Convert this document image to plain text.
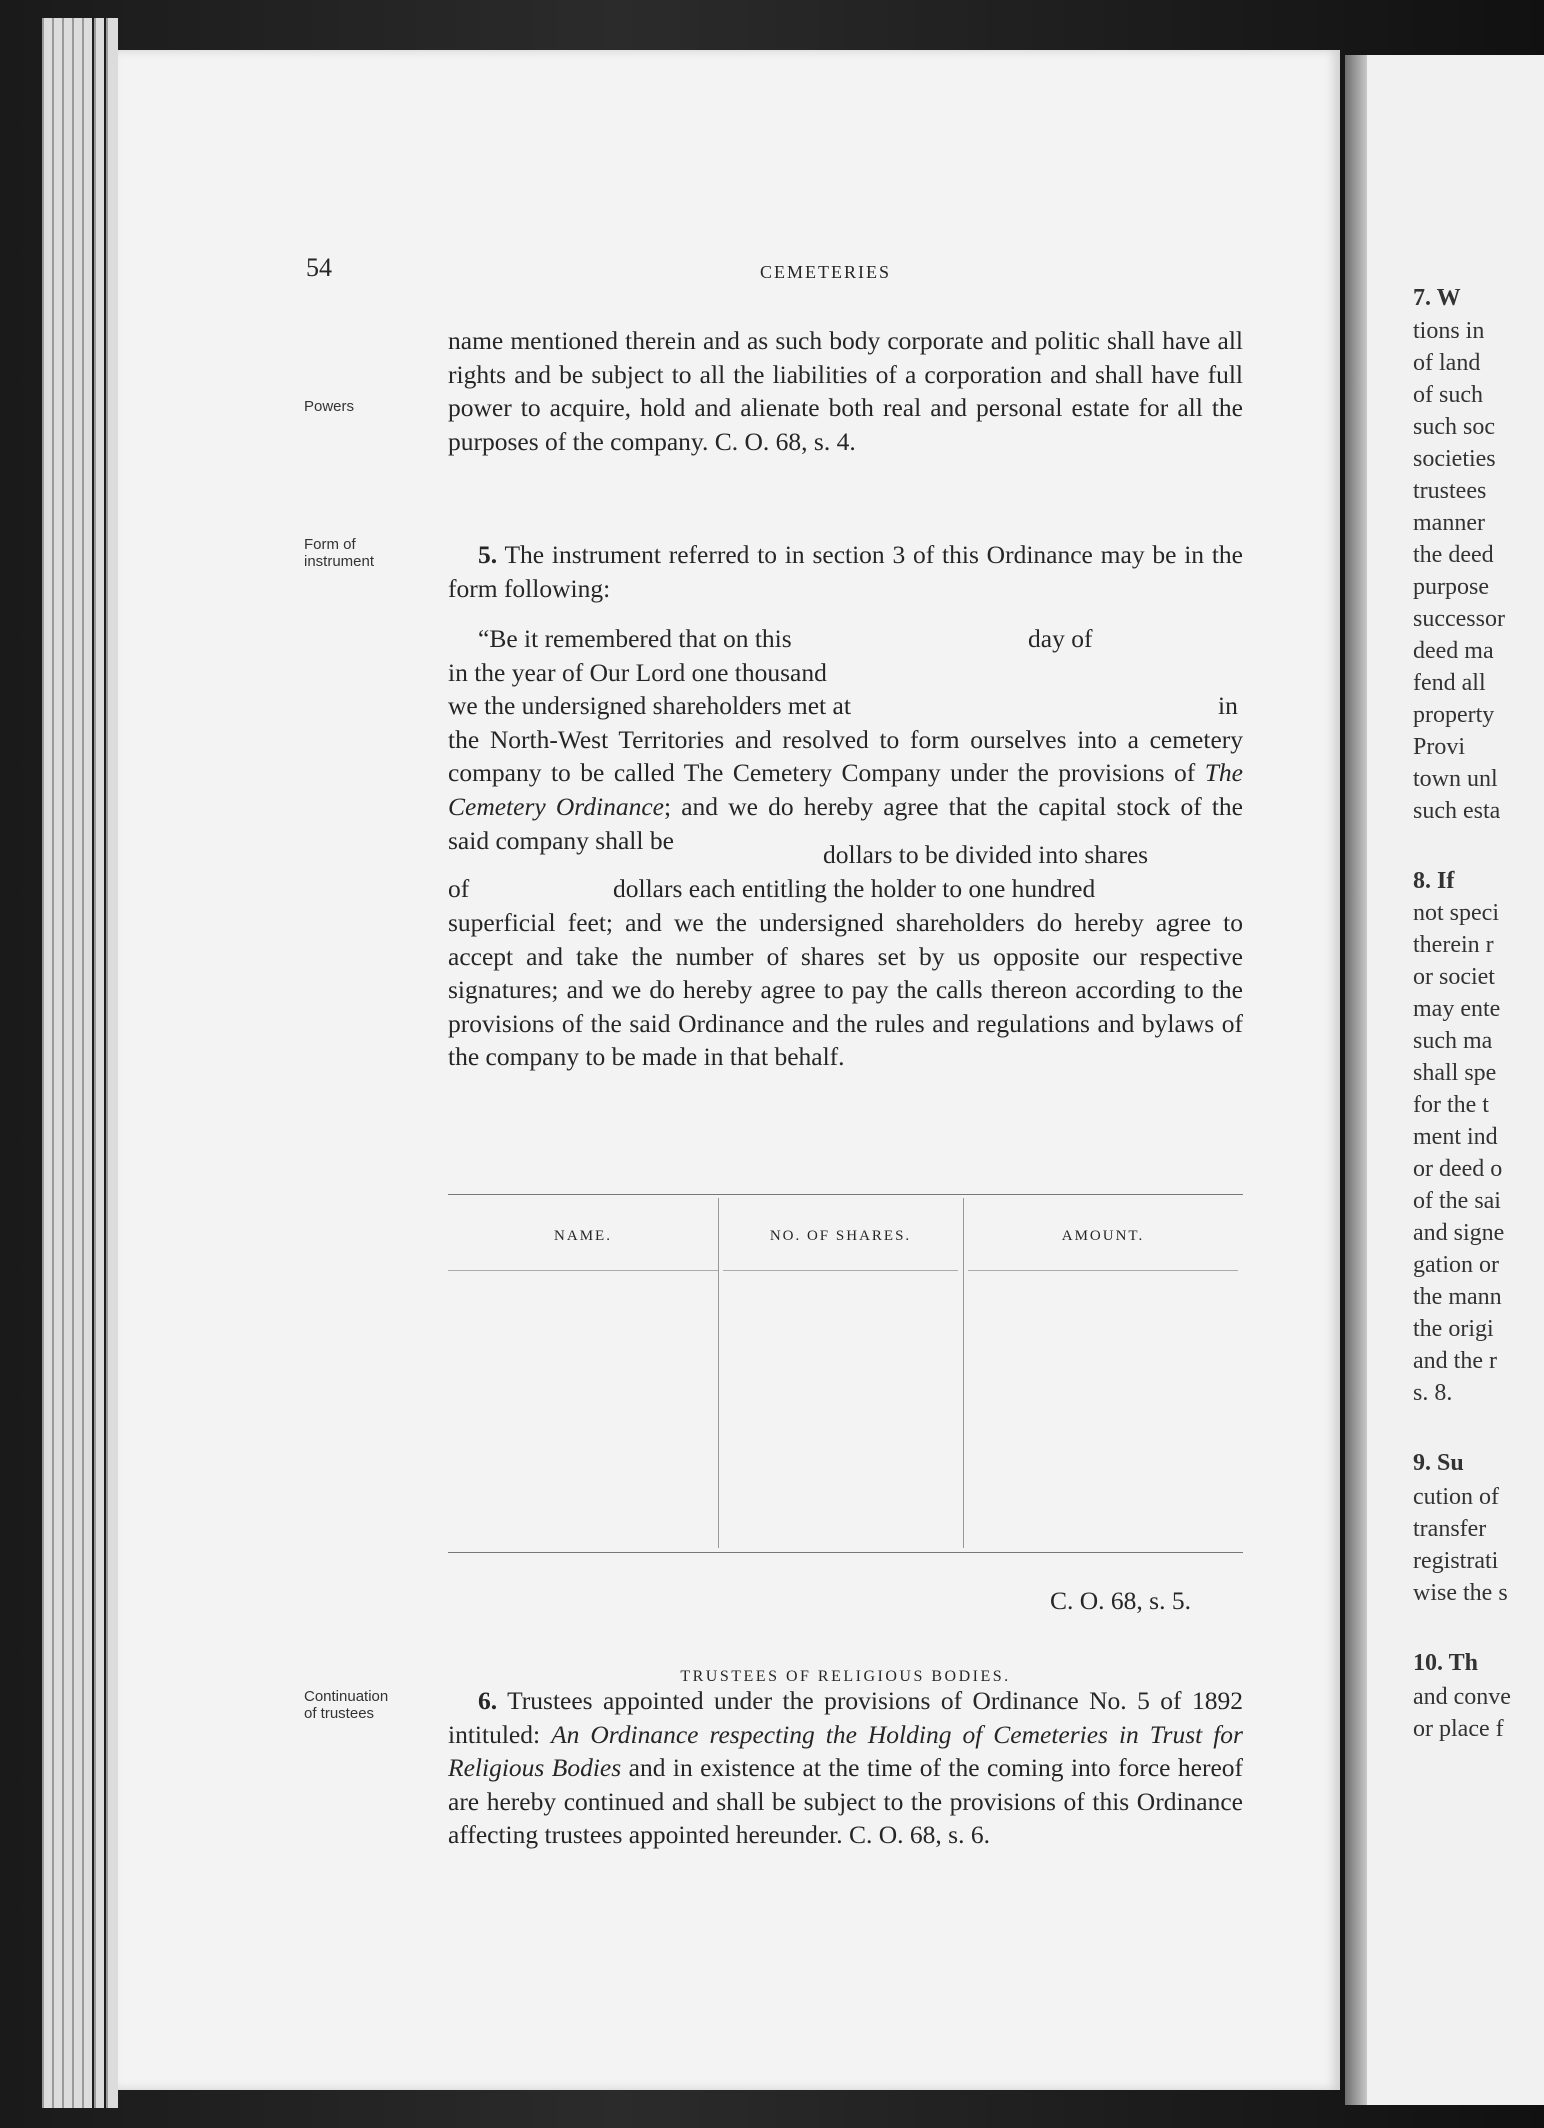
7. W
tions in
of land
of such
such soc
societies
trustees
manner
the deed
purpose
successor
deed ma
fend all
property
Provi
town unl
such esta
8. If
not speci
therein r
or societ
may ente
such ma
shall spe
for the t
ment ind
or deed o
of the sai
and signe
gation or
the mann
the origi
and the r
s. 8.
9. Su
cution of
transfer
registrati
wise the s
10. Th
and conve
or place f
54	CEMETERIES
Powers
Form of
instrument
Continuation
of trustees

name mentioned therein and as such body corporate and politic shall have all rights and be subject to all the liabilities of a corporation and shall have full power to acquire, hold and alienate both real and personal estate for all the purposes of the company. C. O. 68, s. 4.

5. The instrument referred to in section 3 of this Ordinance may be in the form following:

“Be it remembered that on this	day of
in the year of Our Lord one thousand
we the undersigned shareholders met at	in

the North-West Territories and resolved to form ourselves into a cemetery company to be called The Cemetery Company under the provisions of The Cemetery Ordinance; and we do hereby agree that the capital stock of the said company shall be	dollars to be divided into shares
of	dollars each entitling the holder to one hundred

superficial feet; and we the undersigned shareholders do hereby agree to accept and take the number of shares set by us opposite our respective signatures; and we do hereby agree to pay the calls thereon according to the provisions of the said Ordinance and the rules and regulations and bylaws of the company to be made in that behalf.

NAME.	NO. OF SHARES.	AMOUNT.
C. O. 68, s. 5.
TRUSTEES OF RELIGIOUS BODIES.

6. Trustees appointed under the provisions of Ordinance No. 5 of 1892 intituled: An Ordinance respecting the Holding of Cemeteries in Trust for Religious Bodies and in existence at the time of the coming into force hereof are hereby continued and shall be subject to the provisions of this Ordinance affecting trustees appointed hereunder. C. O. 68, s. 6.
